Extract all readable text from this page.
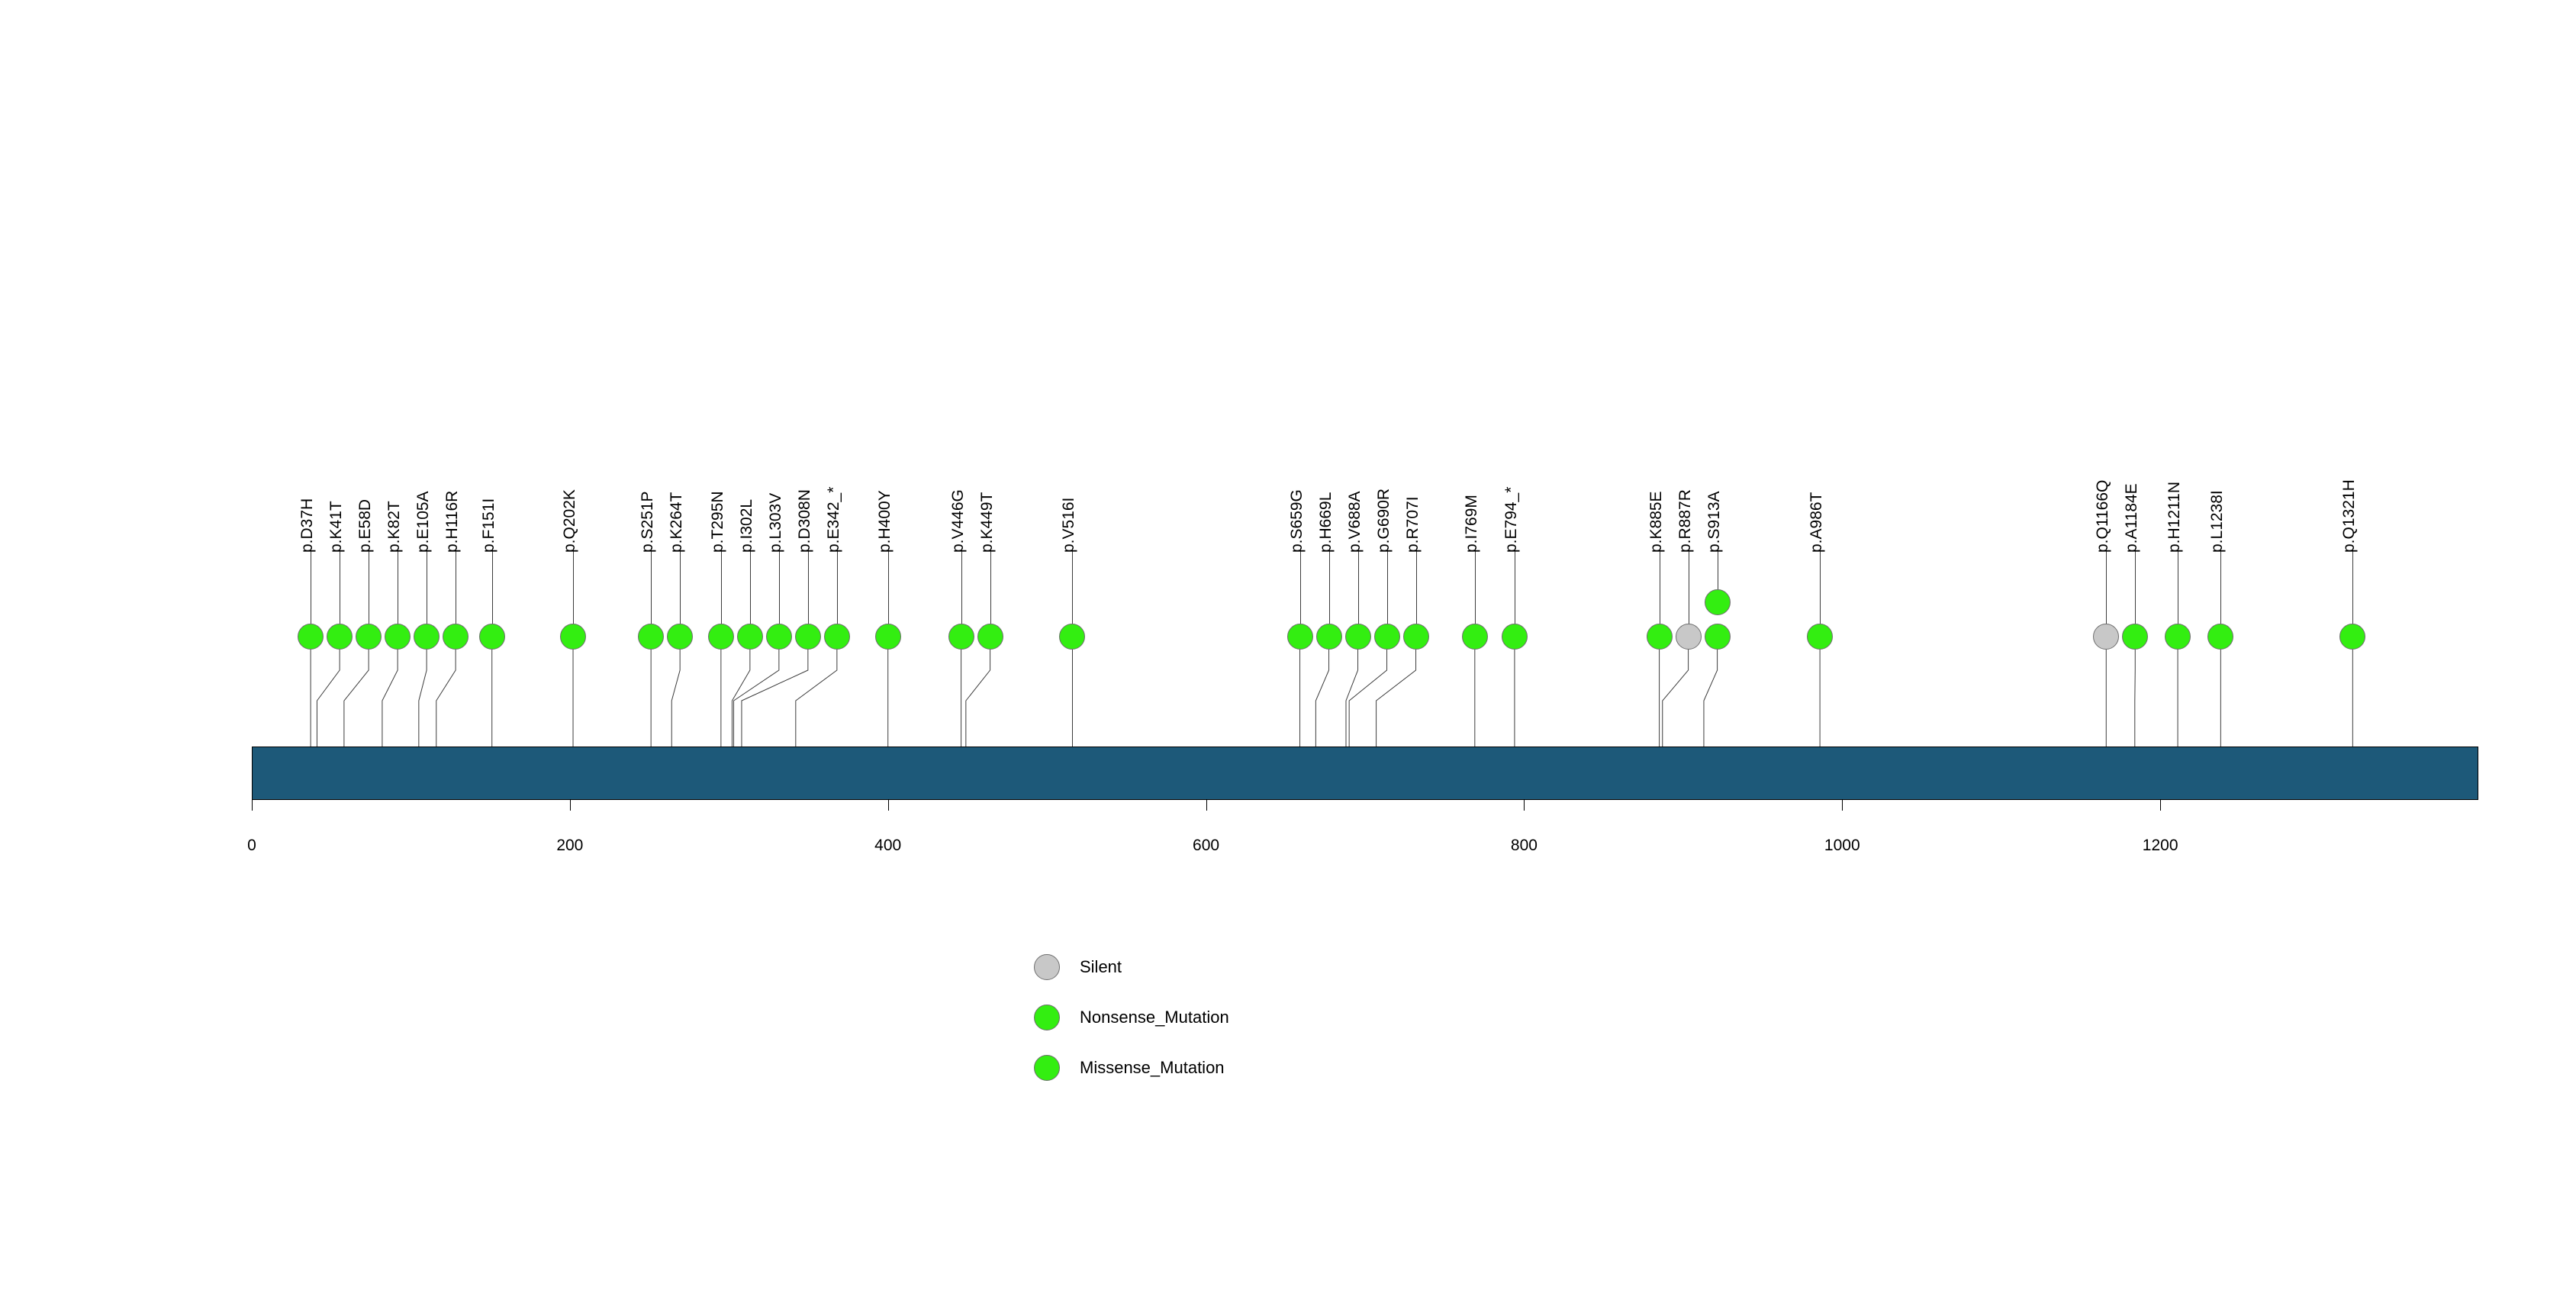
p.D37H p.K41T p.E58D p.K82T p.E105A p.H116R p.F151I	p.Q202K	p.S251P p.K264T p.T295N p.I302L p.L303V p.D308N p.E342_* p.H400Y	p.V446G p.K449T	p.V516I	p.S659G p.H669L p.V688A p.G690R p.R707I	p.I769M p.E794_*	p.K885E p.R887R p.S913A	p.A986T	p.Q1166Q p.A1184E p.H1211N p.L1238I	p.Q1321H
0	200	400	600	800	1000	1200
Silent
Nonsense_Mutation
Missense_Mutation
